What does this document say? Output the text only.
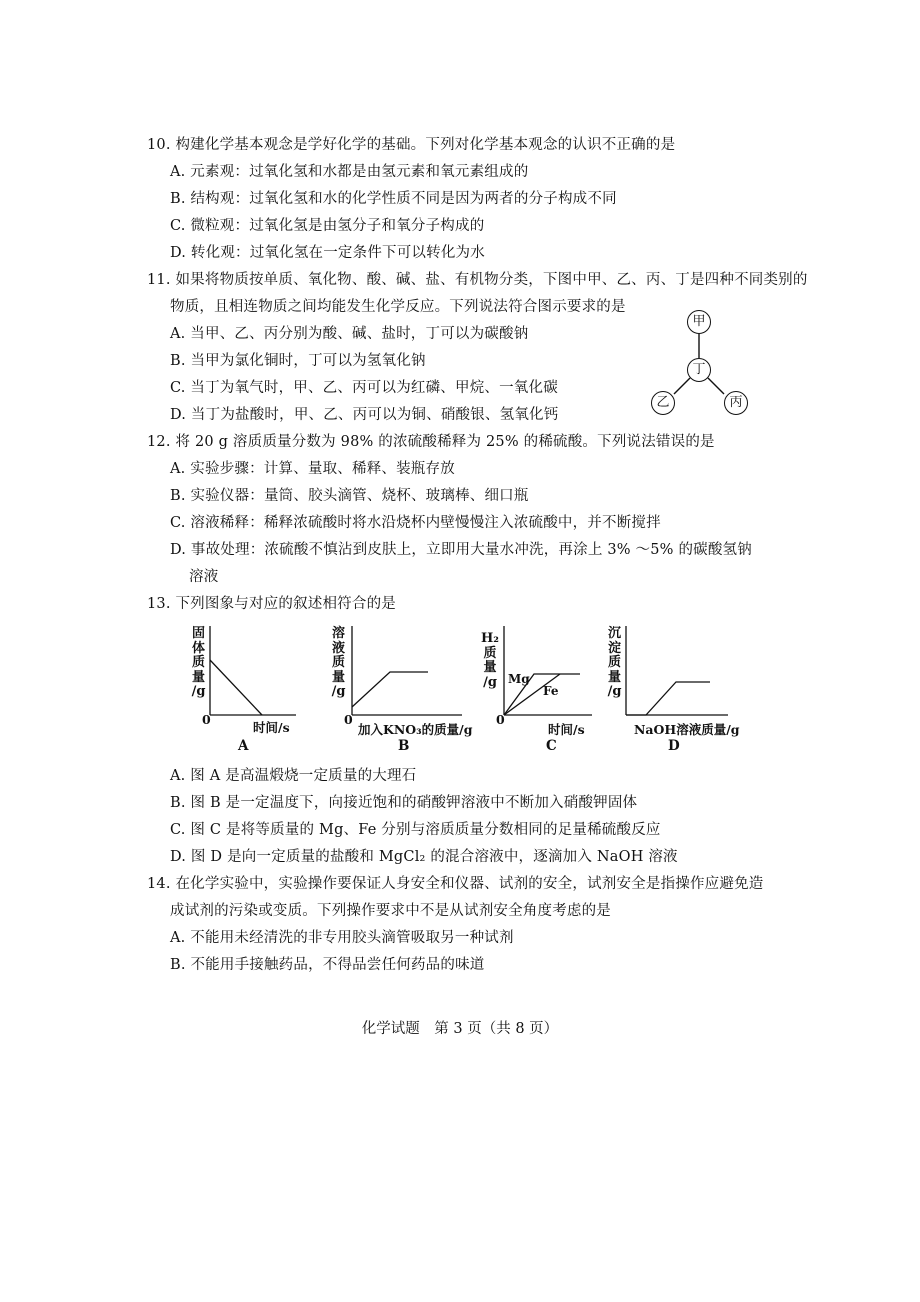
10. 构建化学基本观念是学好化学的基础。下列对化学基本观念的认识不正确的是
A. 元素观：过氧化氢和水都是由氢元素和氧元素组成的
B. 结构观：过氧化氢和水的化学性质不同是因为两者的分子构成不同
C. 微粒观：过氧化氢是由氢分子和氧分子构成的
D. 转化观：过氧化氢在一定条件下可以转化为水
11. 如果将物质按单质、氧化物、酸、碱、盐、有机物分类，下图中甲、乙、丙、丁是四种不同类别的
物质，且相连物质之间均能发生化学反应。下列说法符合图示要求的是
A. 当甲、乙、丙分别为酸、碱、盐时，丁可以为碳酸钠
B. 当甲为氯化铜时，丁可以为氢氧化钠
C. 当丁为氧气时，甲、乙、丙可以为红磷、甲烷、一氧化碳
D. 当丁为盐酸时，甲、乙、丙可以为铜、硝酸银、氢氧化钙
甲
丁
乙	丙
12. 将 20 g 溶质质量分数为 98% 的浓硫酸稀释为 25% 的稀硫酸。下列说法错误的是
A. 实验步骤：计算、量取、稀释、装瓶存放
B. 实验仪器：量筒、胶头滴管、烧杯、玻璃棒、细口瓶
C. 溶液稀释：稀释浓硫酸时将水沿烧杯内壁慢慢注入浓硫酸中，并不断搅拌
D. 事故处理：浓硫酸不慎沾到皮肤上，立即用大量水冲洗，再涂上 3% ～5% 的碳酸氢钠
溶液
13. 下列图象与对应的叙述相符合的是
固
体
质
量
/g
0
时间/s
A
溶
液
质
量
/g
0
加入KNO₃的质量/g
B
H₂
质
量
/g Mg
Fe
0
时间/s
C
沉
淀
质
量
/g
NaOH溶液质量/g
D
A. 图 A 是高温煅烧一定质量的大理石
B. 图 B 是一定温度下，向接近饱和的硝酸钾溶液中不断加入硝酸钾固体
C. 图 C 是将等质量的 Mg、Fe 分别与溶质质量分数相同的足量稀硫酸反应
D. 图 D 是向一定质量的盐酸和 MgCl₂ 的混合溶液中，逐滴加入 NaOH 溶液
14. 在化学实验中，实验操作要保证人身安全和仪器、试剂的安全，试剂安全是指操作应避免造
成试剂的污染或变质。下列操作要求中不是从试剂安全角度考虑的是
A. 不能用未经清洗的非专用胶头滴管吸取另一种试剂
B. 不能用手接触药品，不得品尝任何药品的味道
化学试题　第 3 页（共 8 页）
